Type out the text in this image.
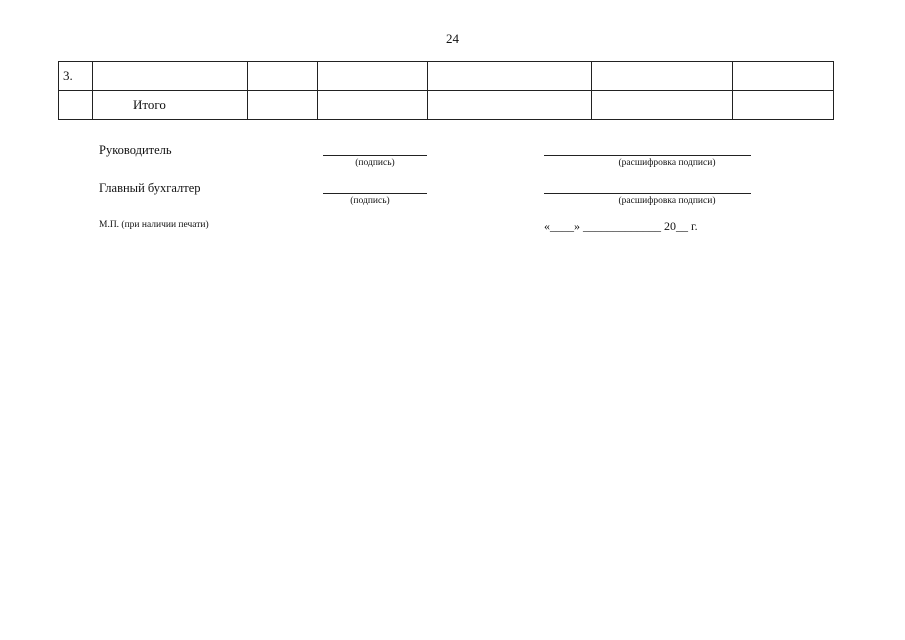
24
3.						
	Итого					
Руководитель
(подпись)	(расшифровка подписи)
Главный бухгалтер
(подпись)	(расшифровка подписи)
М.П. (при наличии печати)	«____» _____________ 20__ г.
